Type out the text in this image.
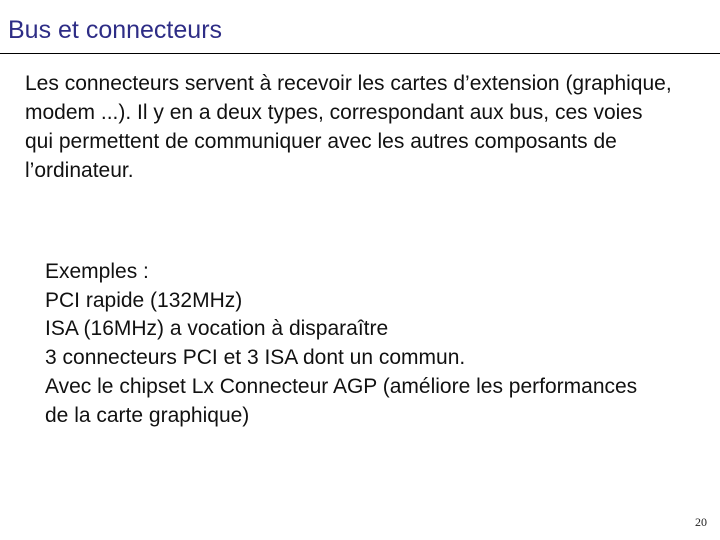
Bus et connecteurs

Les connecteurs servent à recevoir les cartes d’extension (graphique, modem ...). Il y en a deux types, correspondant aux bus, ces voies qui permettent de communiquer avec les autres composants de l’ordinateur.

Exemples :
PCI rapide (132MHz)
ISA (16MHz) a vocation à disparaître
3 connecteurs PCI et 3 ISA dont un commun.
Avec le chipset Lx Connecteur AGP (améliore les performances de la carte graphique)
20
